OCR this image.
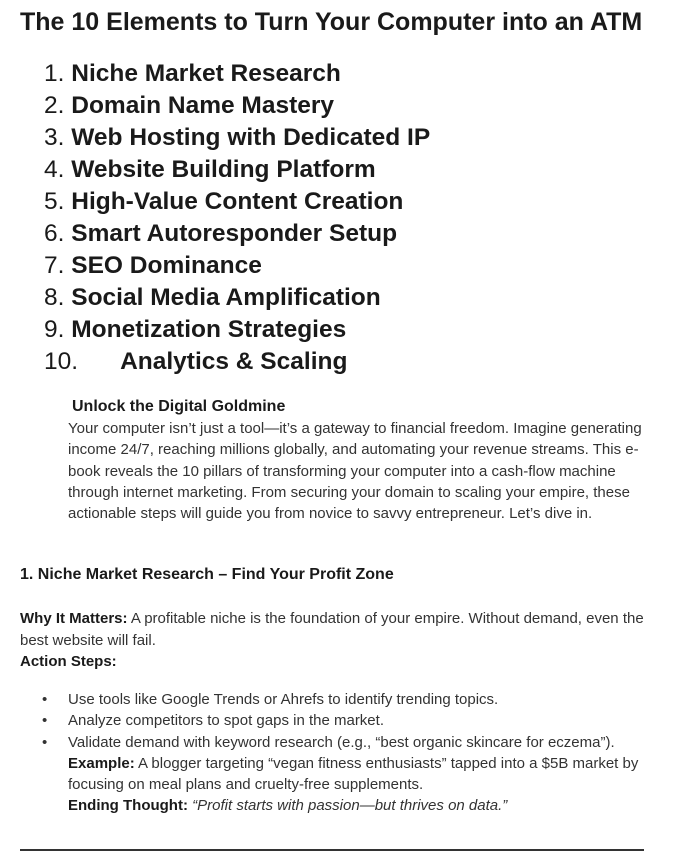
The 10 Elements to Turn Your Computer into an ATM
1. Niche Market Research
2. Domain Name Mastery
3. Web Hosting with Dedicated IP
4. Website Building Platform
5. High-Value Content Creation
6. Smart Autoresponder Setup
7. SEO Dominance
8. Social Media Amplification
9. Monetization Strategies
10. Analytics & Scaling
Unlock the Digital Goldmine

Your computer isn’t just a tool—it’s a gateway to financial freedom. Imagine generating income 24/7, reaching millions globally, and automating your revenue streams. This e-book reveals the 10 pillars of transforming your computer into a cash-flow machine through internet marketing. From securing your domain to scaling your empire, these actionable steps will guide you from novice to savvy entrepreneur. Let’s dive in.

1. Niche Market Research – Find Your Profit Zone
Why It Matters: A profitable niche is the foundation of your empire. Without demand, even the best website will fail.
Action Steps:
• Use tools like Google Trends or Ahrefs to identify trending topics.
• Analyze competitors to spot gaps in the market.
• Validate demand with keyword research (e.g., “best organic skincare for eczema”).
Example: A blogger targeting “vegan fitness enthusiasts” tapped into a $5B market by focusing on meal plans and cruelty-free supplements.
Ending Thought: “Profit starts with passion—but thrives on data.”
